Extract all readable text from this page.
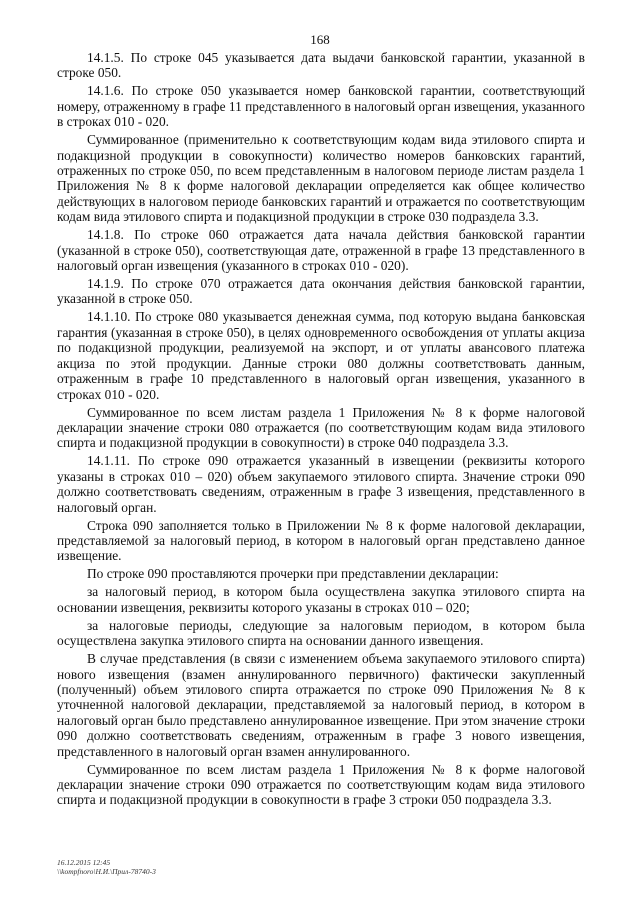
168

14.1.5. По строке 045 указывается дата выдачи банковской гарантии, указанной в строке 050.

14.1.6. По строке 050 указывается номер банковской гарантии, соответствующий номеру, отраженному в графе 11 представленного в налоговый орган извещения, указанного в строках 010 - 020.

Суммированное (применительно к соответствующим кодам вида этилового спирта и подакцизной продукции в совокупности) количество номеров банковских гарантий, отраженных по строке 050, по всем представленным в налоговом периоде листам раздела 1 Приложения № 8 к форме налоговой декларации определяется как общее количество действующих в налоговом периоде банковских гарантий и отражается по соответствующим кодам вида этилового спирта и подакцизной продукции в строке 030 подраздела 3.3.

14.1.8. По строке 060 отражается дата начала действия банковской гарантии (указанной в строке 050), соответствующая дате, отраженной в графе 13 представленного в налоговый орган извещения (указанного в строках 010 - 020).

14.1.9. По строке 070 отражается дата окончания действия банковской гарантии, указанной в строке 050.

14.1.10. По строке 080 указывается денежная сумма, под которую выдана банковская гарантия (указанная в строке 050), в целях одновременного освобождения от уплаты акциза по подакцизной продукции, реализуемой на экспорт, и от уплаты авансового платежа акциза по этой продукции. Данные строки 080 должны соответствовать данным, отраженным в графе 10 представленного в налоговый орган извещения, указанного в строках 010 - 020.

Суммированное по всем листам раздела 1 Приложения № 8 к форме налоговой декларации значение строки 080 отражается (по соответствующим кодам вида этилового спирта и подакцизной продукции в совокупности) в строке 040 подраздела 3.3.

14.1.11. По строке 090 отражается указанный в извещении (реквизиты которого указаны в строках 010 – 020) объем закупаемого этилового спирта. Значение строки 090 должно соответствовать сведениям, отраженным в графе 3 извещения, представленного в налоговый орган.

Строка 090 заполняется только в Приложении № 8 к форме налоговой декларации, представляемой за налоговый период, в котором в налоговый орган представлено данное извещение.

По строке 090 проставляются прочерки при представлении декларации:

за налоговый период, в котором была осуществлена закупка этилового спирта на основании извещения, реквизиты которого указаны в строках 010 – 020;

за налоговые периоды, следующие за налоговым периодом, в котором была осуществлена закупка этилового спирта на основании данного извещения.

В случае представления (в связи с изменением объема закупаемого этилового спирта) нового извещения (взамен аннулированного первичного) фактически закупленный (полученный) объем этилового спирта отражается по строке 090 Приложения № 8 к уточненной налоговой декларации, представляемой за налоговый период, в котором в налоговый орган было представлено аннулированное извещение. При этом значение строки 090 должно соответствовать сведениям, отраженным в графе 3 нового извещения, представленного в налоговый орган взамен аннулированного.

Суммированное по всем листам раздела 1 Приложения № 8 к форме налоговой декларации значение строки 090 отражается по соответствующим кодам вида этилового спирта и подакцизной продукции в совокупности в графе 3 строки 050 подраздела 3.3.

16.12.2015 12:45
\\kompfnoro\Н.И.\Прил-78740-3
